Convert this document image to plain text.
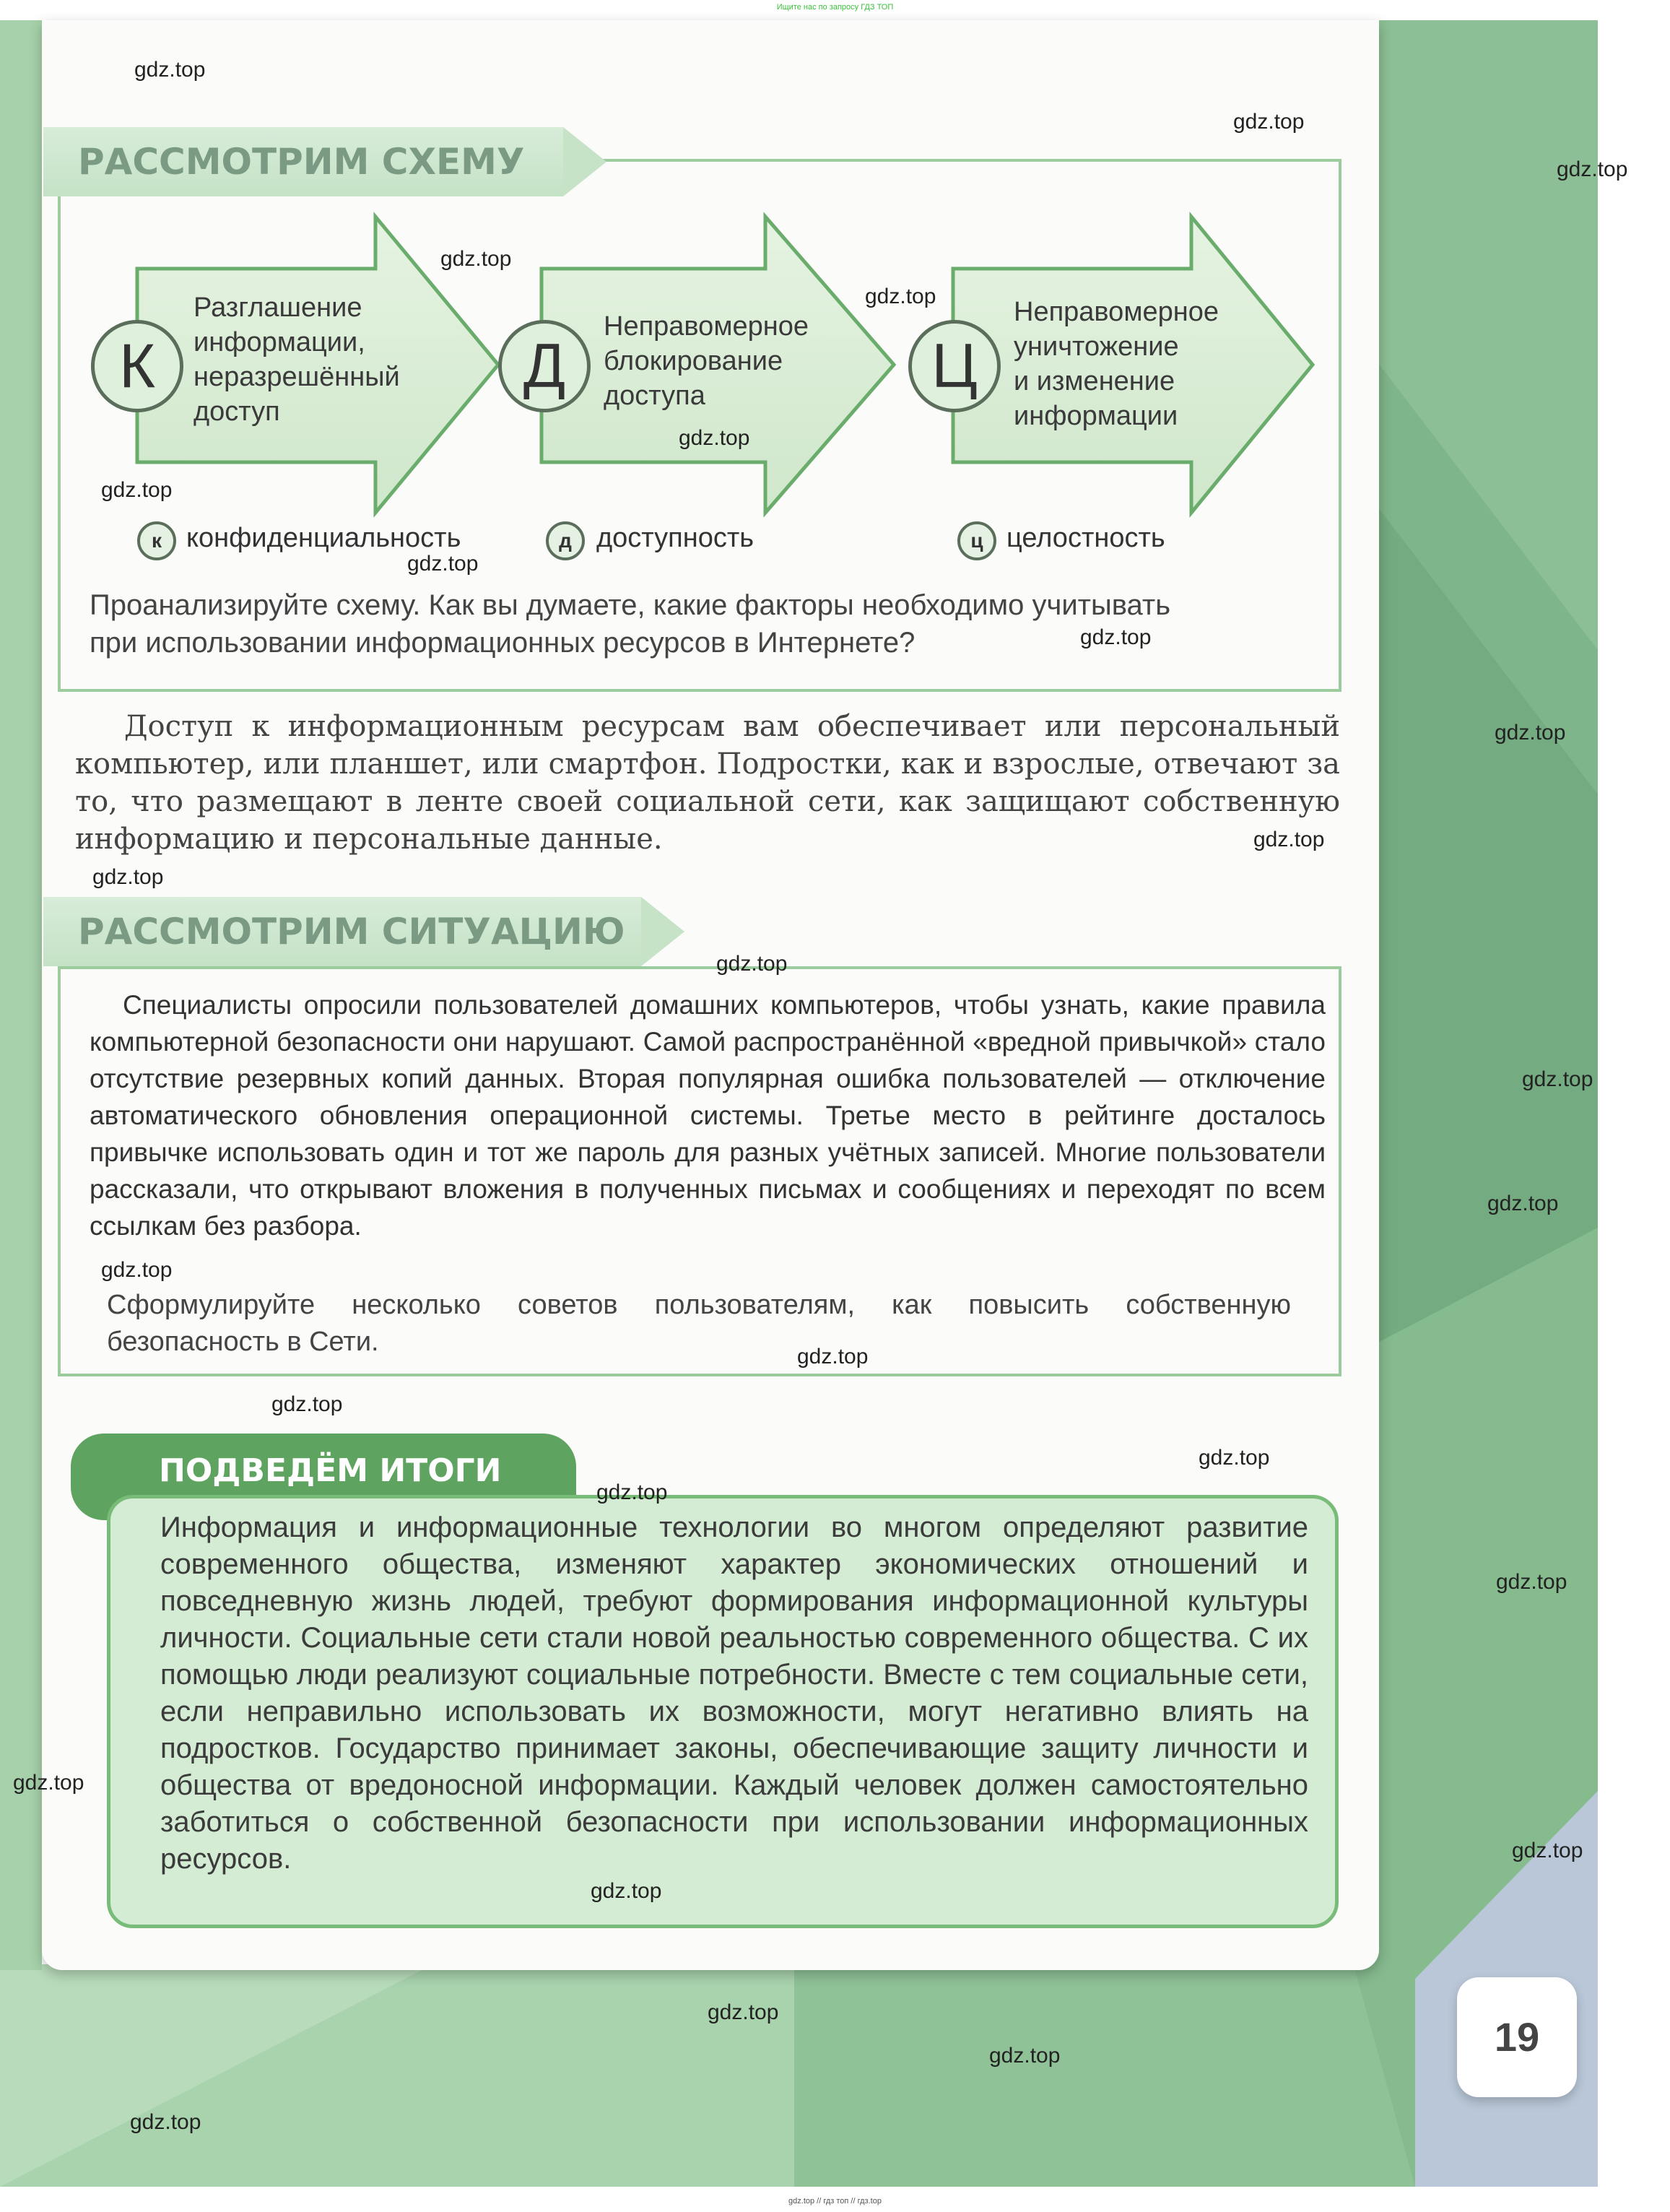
Ищите нас по запросу ГДЗ ТОП
РАССМОТРИМ СХЕМУ
К	Д	Ц
Разглашение
информации,
неразрешённый
доступ
Неправомерное
блокирование
доступа
Неправомерное
уничтожение
и изменение
информации
к конфиденциальность	д доступность	ц целостность
Проанализируйте схему. Как вы думаете, какие факторы необходимо учитывать
при использовании информационных ресурсов в Интернете?
Доступ к информационным ресурсам вам обеспечивает или персональный компьютер, или планшет, или смартфон. Подростки, как и взрослые, отвечают за то, что размещают в ленте своей социальной сети, как защищают собственную информацию и персональные данные.
РАССМОТРИМ СИТУАЦИЮ
Специалисты опросили пользователей домашних компьютеров, чтобы узнать, какие правила компьютерной безопасности они нарушают. Самой распространённой «вредной привычкой» стало отсутствие резервных копий данных. Вторая популярная ошибка пользователей — отключение автоматического обновления операционной системы. Третье место в рейтинге досталось привычке использовать один и тот же пароль для разных учётных записей. Многие пользователи рассказали, что открывают вложения в полученных письмах и сообщениях и переходят по всем ссылкам без разбора.
Сформулируйте несколько советов пользователям, как повысить собственную безопасность в Сети.
ПОДВЕДЁМ ИТОГИ
Информация и информационные технологии во многом определяют развитие современного общества, изменяют характер экономических отношений и повседневную жизнь людей, требуют формирования информационной культуры личности. Социальные сети стали новой реальностью современного общества. С их помощью люди реализуют социальные потребности. Вместе с тем социальные сети, если неправильно использовать их возможности, могут негативно влиять на подростков. Государство принимает законы, обеспечивающие защиту личности и общества от вредоносной информации. Каждый человек должен самостоятельно заботиться о собственной безопасности при использовании информационных ресурсов.
19
gdz.top
gdz.top
gdz.top
gdz.top
gdz.top
gdz.top
gdz.top
gdz.top
gdz.top
gdz.top
gdz.top
gdz.top
gdz.top
gdz.top
gdz.top
gdz.top
gdz.top
gdz.top
gdz.top
gdz.top
gdz.top
gdz.top
gdz.top
gdz.top
gdz.top
gdz.top
gdz.top
gdz.top // гдз топ // гдз.top
